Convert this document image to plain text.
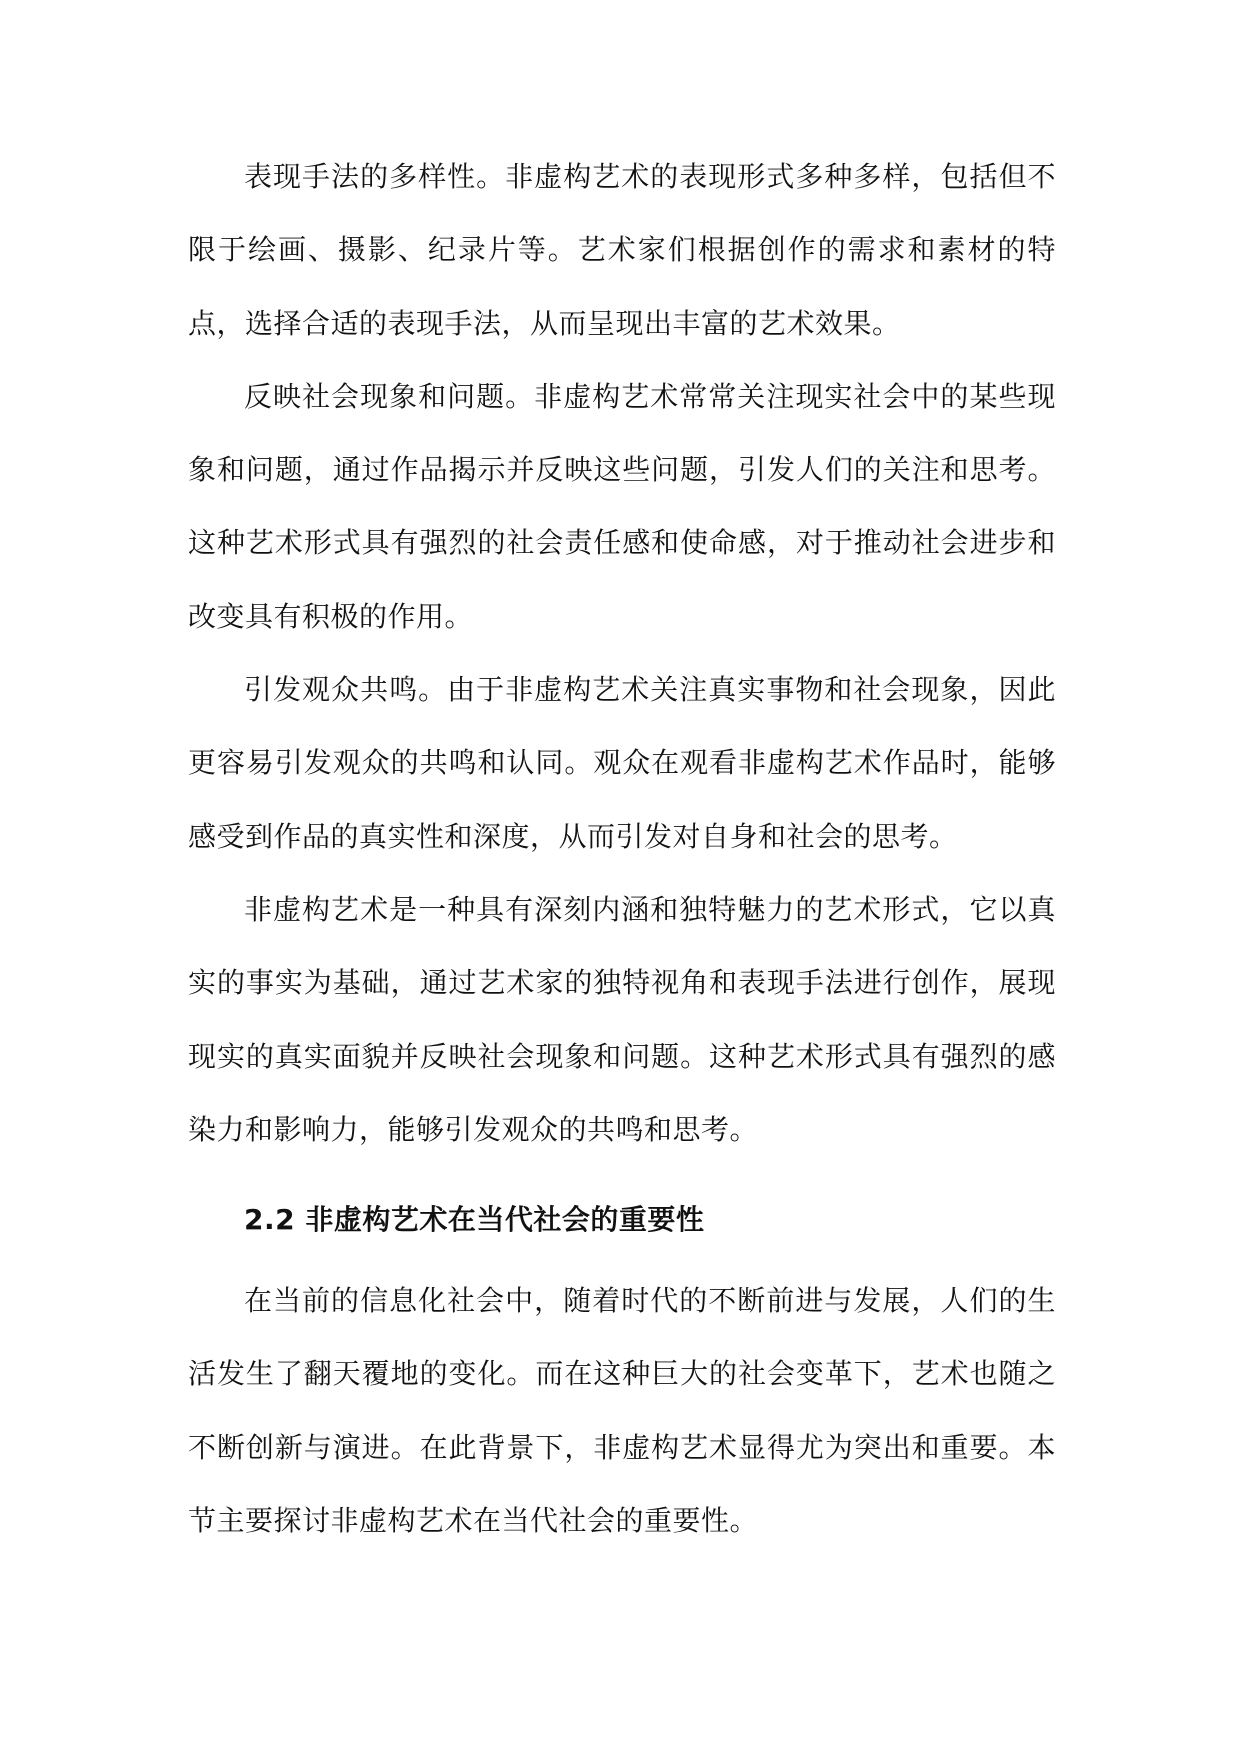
表现手法的多样性。非虚构艺术的表现形式多种多样，包括但不限于绘画、摄影、纪录片等。艺术家们根据创作的需求和素材的特点，选择合适的表现手法，从而呈现出丰富的艺术效果。

反映社会现象和问题。非虚构艺术常常关注现实社会中的某些现象和问题，通过作品揭示并反映这些问题，引发人们的关注和思考。这种艺术形式具有强烈的社会责任感和使命感，对于推动社会进步和改变具有积极的作用。

引发观众共鸣。由于非虚构艺术关注真实事物和社会现象，因此更容易引发观众的共鸣和认同。观众在观看非虚构艺术作品时，能够感受到作品的真实性和深度，从而引发对自身和社会的思考。

非虚构艺术是一种具有深刻内涵和独特魅力的艺术形式，它以真实的事实为基础，通过艺术家的独特视角和表现手法进行创作，展现现实的真实面貌并反映社会现象和问题。这种艺术形式具有强烈的感染力和影响力，能够引发观众的共鸣和思考。

2.2 非虚构艺术在当代社会的重要性

在当前的信息化社会中，随着时代的不断前进与发展，人们的生活发生了翻天覆地的变化。而在这种巨大的社会变革下，艺术也随之不断创新与演进。在此背景下，非虚构艺术显得尤为突出和重要。本节主要探讨非虚构艺术在当代社会的重要性。
